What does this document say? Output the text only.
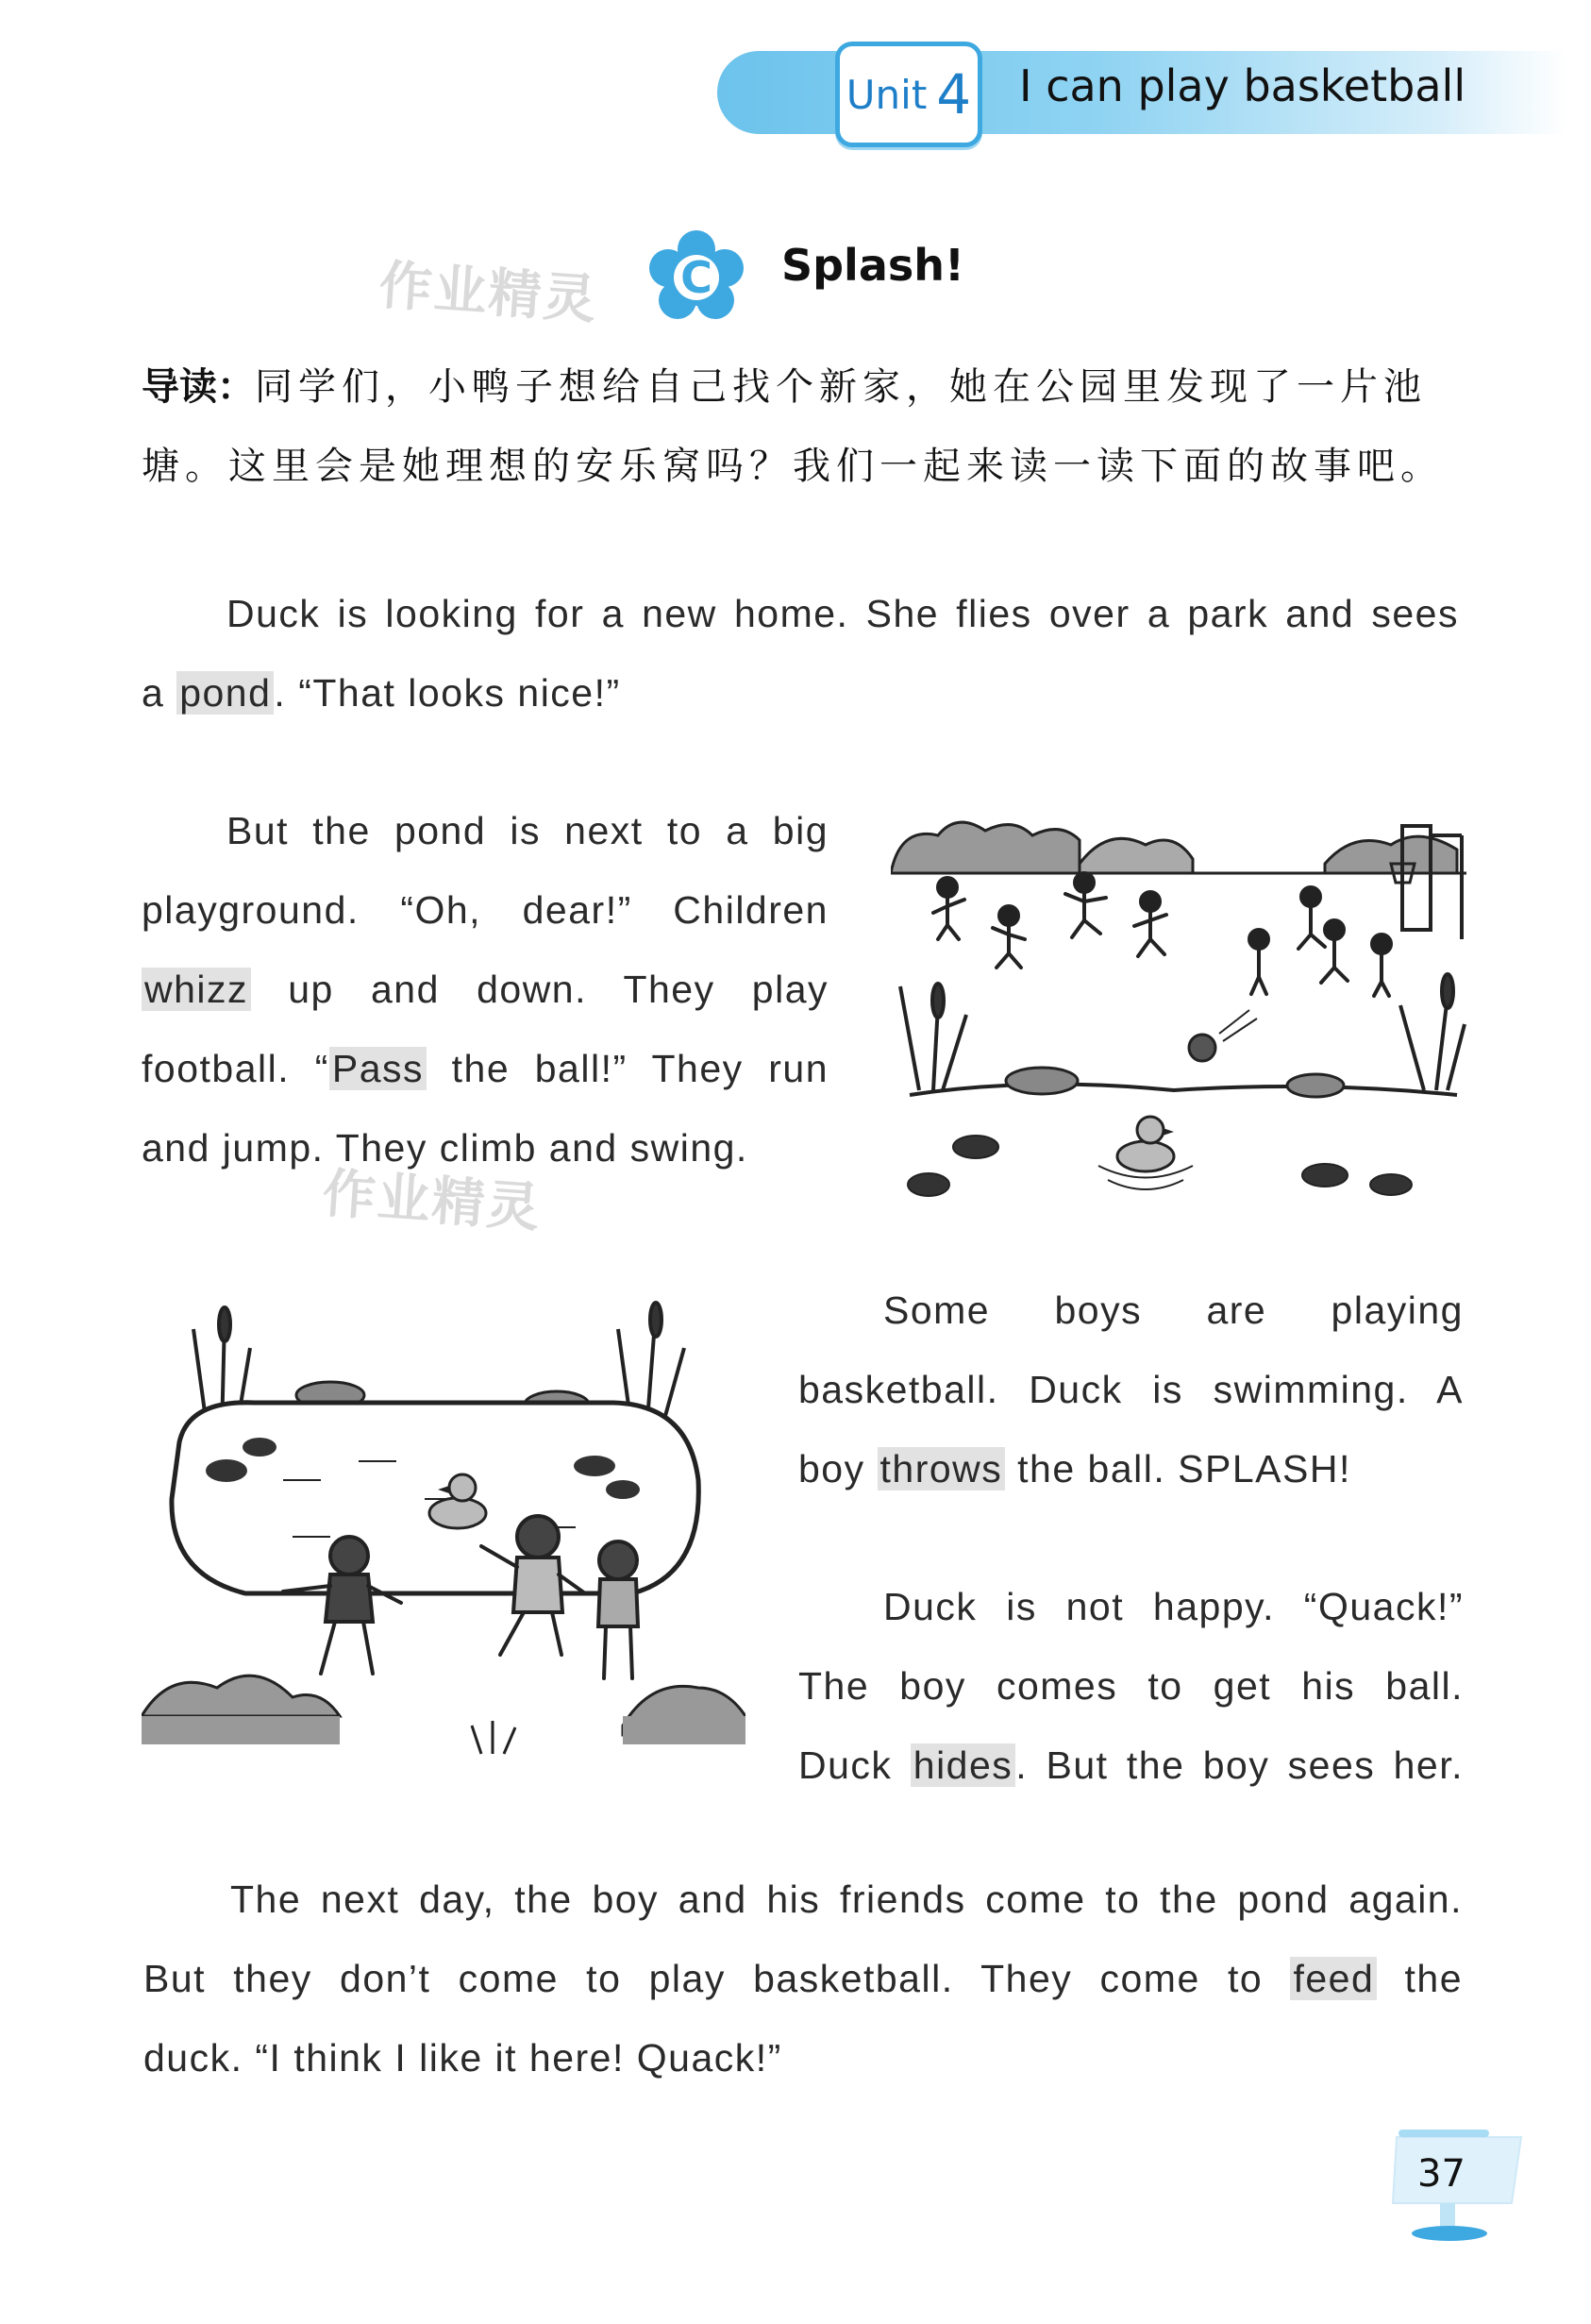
Unit 4 I can play basketball
作业精灵 C Splash!
导读：同学们，小鸭子想给自己找个新家，她在公园里发现了一片池塘。这里会是她理想的安乐窝吗？我们一起来读一读下面的故事吧。
Duck is looking for a new home. She flies over a park and sees
a pond. “That looks nice!”
But the pond is next to a big
playground. “Oh, dear!” Children
whizz up and down. They play
football. “Pass the ball!” They run
and jump. They climb and swing.
作业精灵
Some boys are playing
basketball. Duck is swimming. A
boy throws the ball. SPLASH!
Duck is not happy. “Quack!”
The boy comes to get his ball.
Duck hides. But the boy sees her.
The next day, the boy and his friends come to the pond again.
But they don’t come to play basketball. They come to feed the
duck. “I think I like it here! Quack!”
37
